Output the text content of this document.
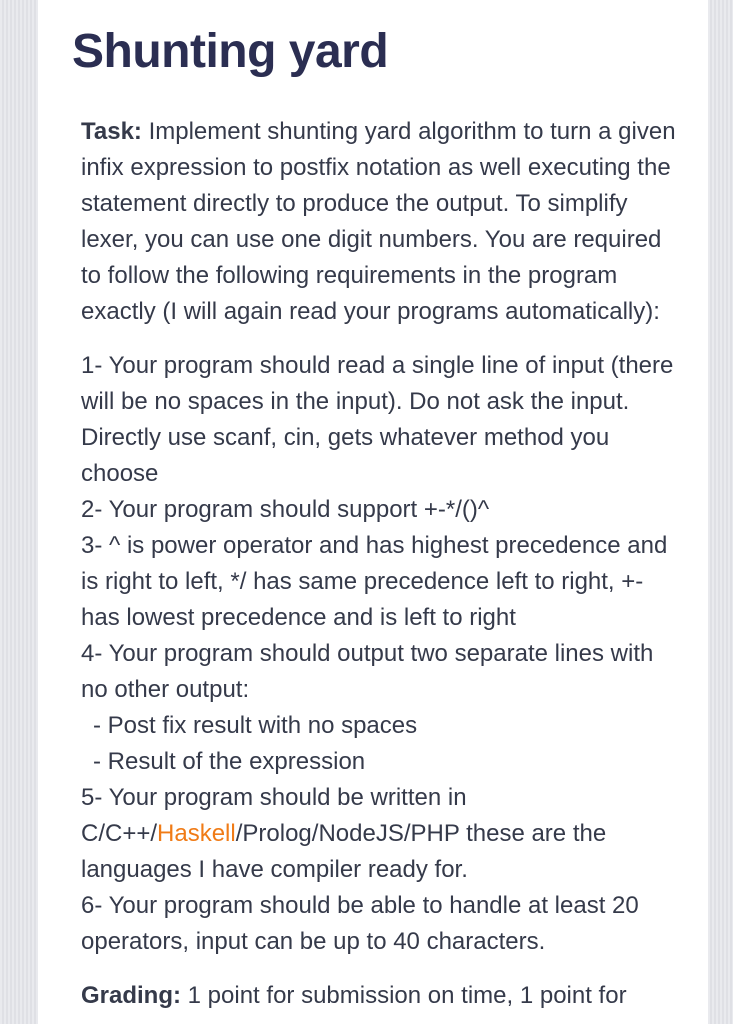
Shunting yard

Task: Implement shunting yard algorithm to turn a given infix expression to postfix notation as well executing the statement directly to produce the output. To simplify lexer, you can use one digit numbers. You are required to follow the following requirements in the program exactly (I will again read your programs automatically):

1- Your program should read a single line of input (there will be no spaces in the input). Do not ask the input. Directly use scanf, cin, gets whatever method you choose
2- Your program should support +-*/()^
3- ^ is power operator and has highest precedence and is right to left, */ has same precedence left to right, +- has lowest precedence and is left to right
4- Your program should output two separate lines with no other output:
- Post fix result with no spaces
- Result of the expression
5- Your program should be written in C/C++/Haskell/Prolog/NodeJS/PHP these are the languages I have compiler ready for.
6- Your program should be able to handle at least 20 operators, input can be up to 40 characters.

Grading: 1 point for submission on time, 1 point for
